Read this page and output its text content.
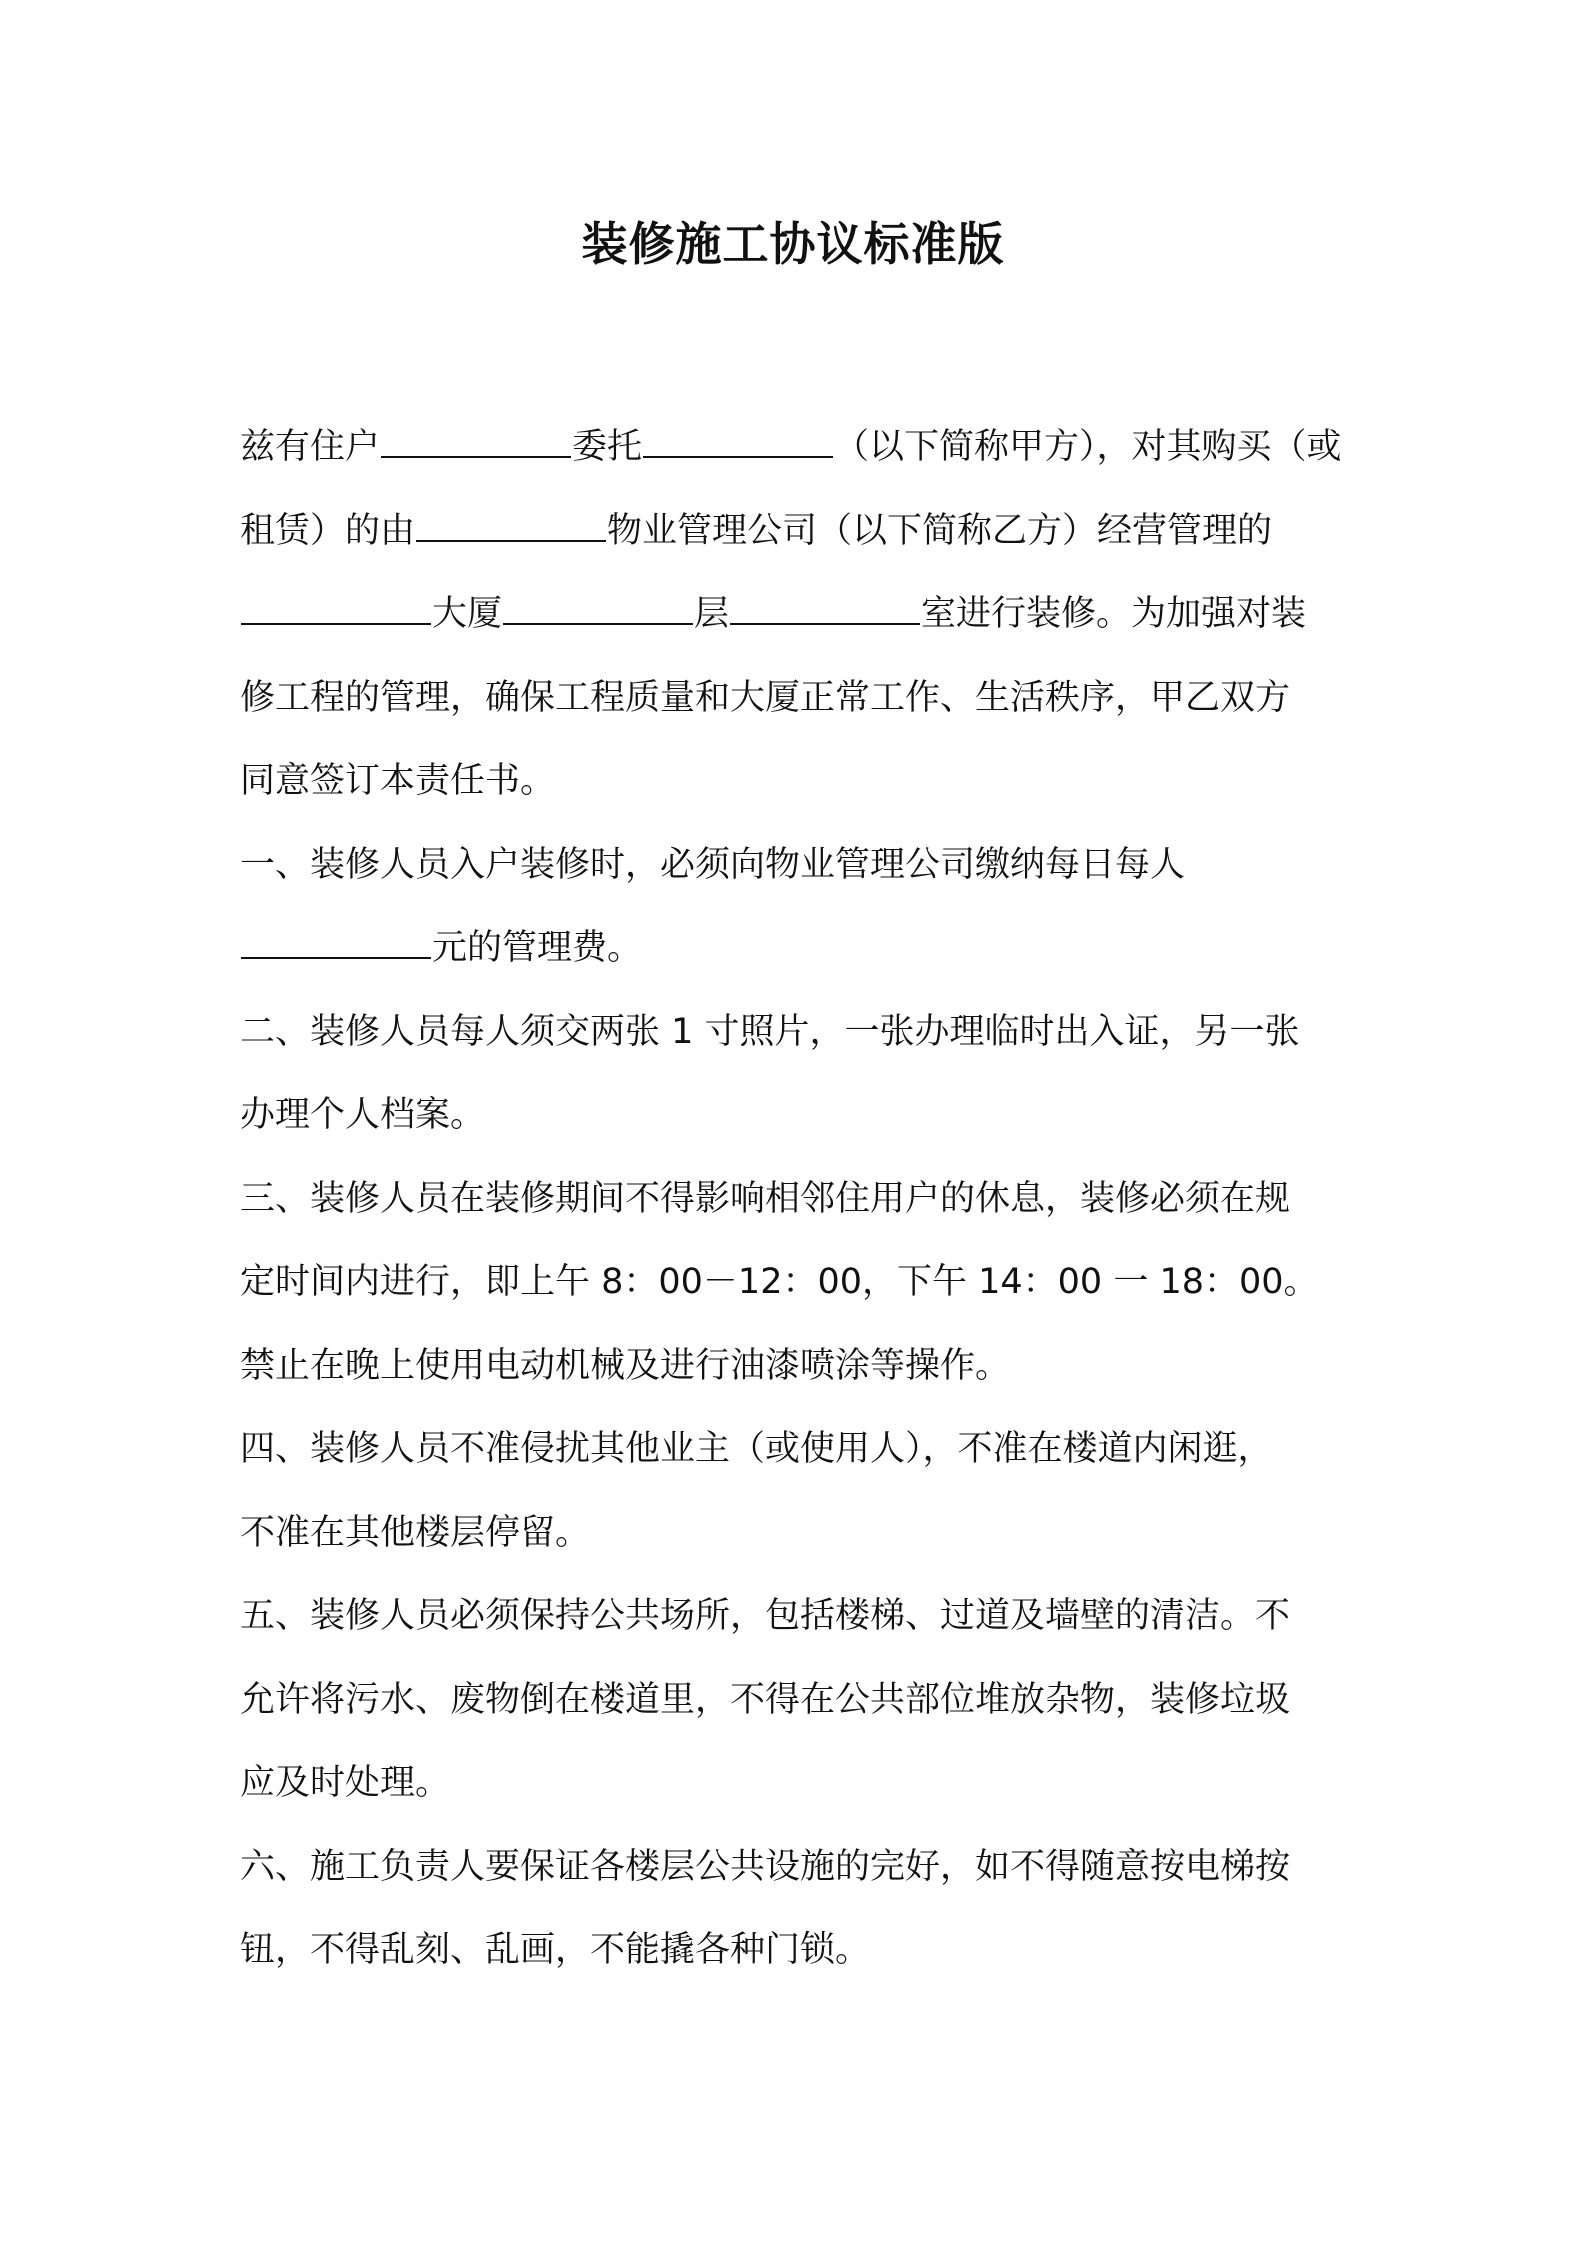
装修施工协议标准版
兹有住户	委托	（以下简称甲方），对其购买（或
租赁）的由	物业管理公司（以下简称乙方）经营管理的
大厦	层	室进行装修。为加强对装
修工程的管理，确保工程质量和大厦正常工作、生活秩序，甲乙双方
同意签订本责任书。
一、装修人员入户装修时，必须向物业管理公司缴纳每日每人
元的管理费。
二、装修人员每人须交两张 1 寸照片，一张办理临时出入证，另一张
办理个人档案。
三、装修人员在装修期间不得影响相邻住用户的休息，装修必须在规
定时间内进行，即上午 8：00－12：00，下午 14：00 一 18：00。
禁止在晚上使用电动机械及进行油漆喷涂等操作。
四、装修人员不准侵扰其他业主（或使用人），不准在楼道内闲逛，
不准在其他楼层停留。
五、装修人员必须保持公共场所，包括楼梯、过道及墙壁的清洁。不
允许将污水、废物倒在楼道里，不得在公共部位堆放杂物，装修垃圾
应及时处理。
六、施工负责人要保证各楼层公共设施的完好，如不得随意按电梯按
钮，不得乱刻、乱画，不能撬各种门锁。
